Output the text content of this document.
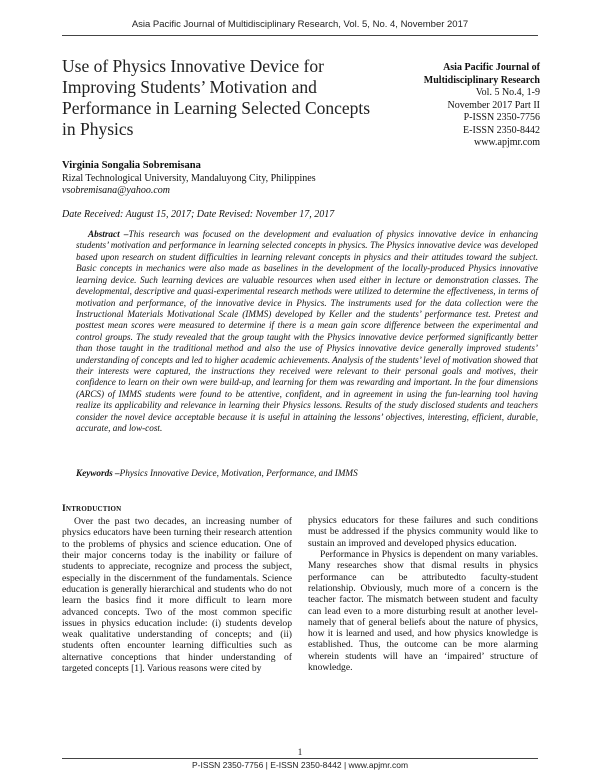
Asia Pacific Journal of Multidisciplinary Research, Vol. 5, No. 4, November 2017
Use of Physics Innovative Device for Improving Students’ Motivation and Performance in Learning Selected Concepts in Physics
Asia Pacific Journal of
Multidisciplinary Research
Vol. 5 No.4, 1-9
November 2017 Part II
P-ISSN 2350-7756
E-ISSN 2350-8442
www.apjmr.com
Virginia Songalia Sobremisana
Rizal Technological University, Mandaluyong City, Philippines
vsobremisana@yahoo.com
Date Received: August 15, 2017; Date Revised: November 17, 2017

Abstract –This research was focused on the development and evaluation of physics innovative device in enhancing students’ motivation and performance in learning selected concepts in physics. The Physics innovative device was developed based upon research on student difficulties in learning relevant concepts in physics and their attitudes toward the subject. Basic concepts in mechanics were also made as baselines in the development of the locally-produced Physics innovative learning device. Such learning devices are valuable resources when used either in lecture or demonstration classes. The developmental, descriptive and quasi-experimental research methods were utilized to determine the effectiveness, in terms of motivation and performance, of the innovative device in Physics. The instruments used for the data collection were the Instructional Materials Motivational Scale (IMMS) developed by Keller and the students’ performance test. Pretest and posttest mean scores were measured to determine if there is a mean gain score difference between the experimental and control groups. The study revealed that the group taught with the Physics innovative device performed significantly better than those taught in the traditional method and also the use of Physics innovative device generally improved students’ understanding of concepts and led to higher academic achievements. Analysis of the students’ level of motivation showed that their interests were captured, the instructions they received were relevant to their personal goals and motives, their confidence to learn on their own were build-up, and learning for them was rewarding and important. In the four dimensions (ARCS) of IMMS students were found to be attentive, confident, and in agreement in using the fun-learning tool having realize its applicability and relevance in learning their Physics lessons. Results of the study disclosed students and teachers consider the novel device acceptable because it is useful in attaining the lessons’ objectives, interesting, efficient, durable, accurate, and low-cost.

Keywords –Physics Innovative Device, Motivation, Performance, and IMMS

Introduction

Over the past two decades, an increasing number of physics educators have been turning their research attention to the problems of physics and science education. One of their major concerns today is the inability or failure of students to appreciate, recognize and process the subject, especially in the discernment of the fundamentals. Science education is generally hierarchical and students who do not learn the basics find it more difficult to learn more advanced concepts. Two of the most common specific issues in physics education include: (i) students develop weak qualitative understanding of concepts; and (ii) students often encounter learning difficulties such as alternative conceptions that hinder understanding of targeted concepts [1]. Various reasons were cited by

physics educators for these failures and such conditions must be addressed if the physics community would like to sustain an improved and developed physics education.

Performance in Physics is dependent on many variables. Many researches show that dismal results in physics performance can be attributedto faculty-student relationship. Obviously, much more of a concern is the teacher factor. The mismatch between student and faculty can lead even to a more disturbing result at another level-namely that of general beliefs about the nature of physics, how it is learned and used, and how physics knowledge is established. Thus, the outcome can be more alarming wherein students will have an ‘impaired’ structure of knowledge.

1
P-ISSN 2350-7756 | E-ISSN 2350-8442 | www.apjmr.com
